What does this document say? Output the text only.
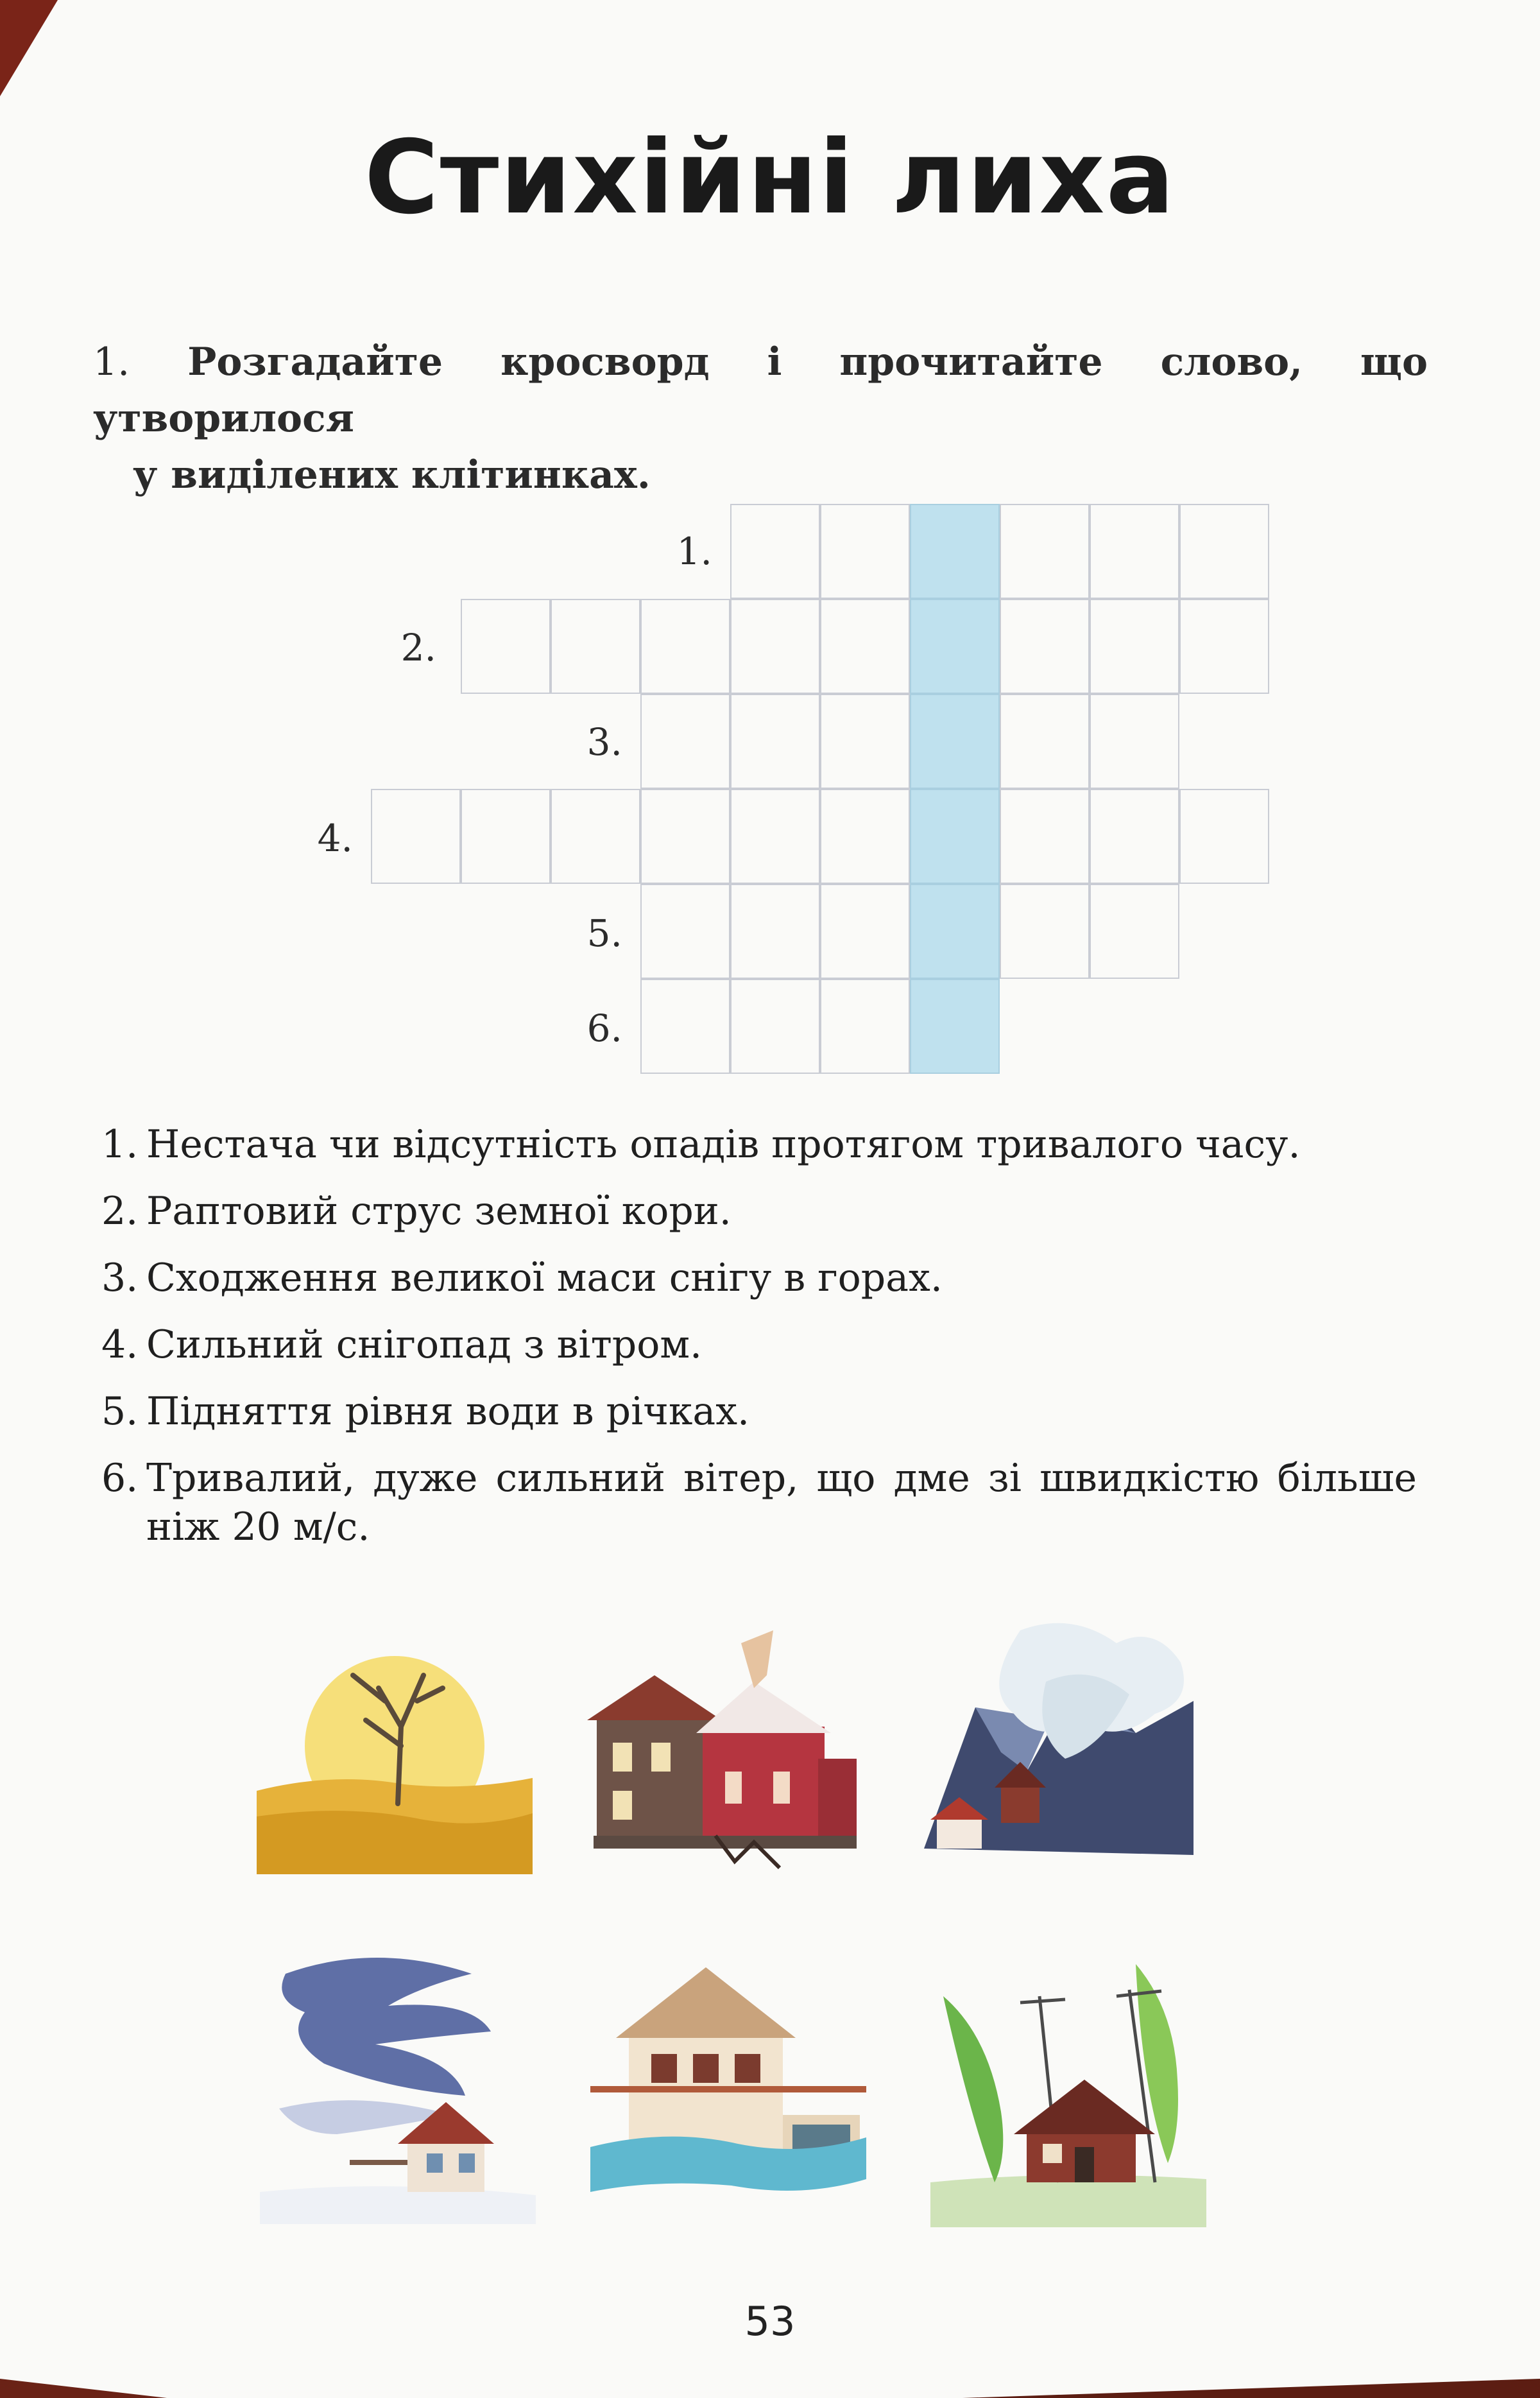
Стихійні лиха
1. Розгадайте кросворд і прочитайте слово, що утворилося
у виділених клітинках.
1.
2.
3.
4.
5.
6.
1. Нестача чи відсутність опадів протягом тривалого часу.
2. Раптовий струс земної кори.
3. Сходження великої маси снігу в горах.
4. Сильний снігопад з вітром.
5. Підняття рівня води в річках.
6. Тривалий, дуже сильний вітер, що дме зі швидкістю більше ніж 20 м/с.
53
